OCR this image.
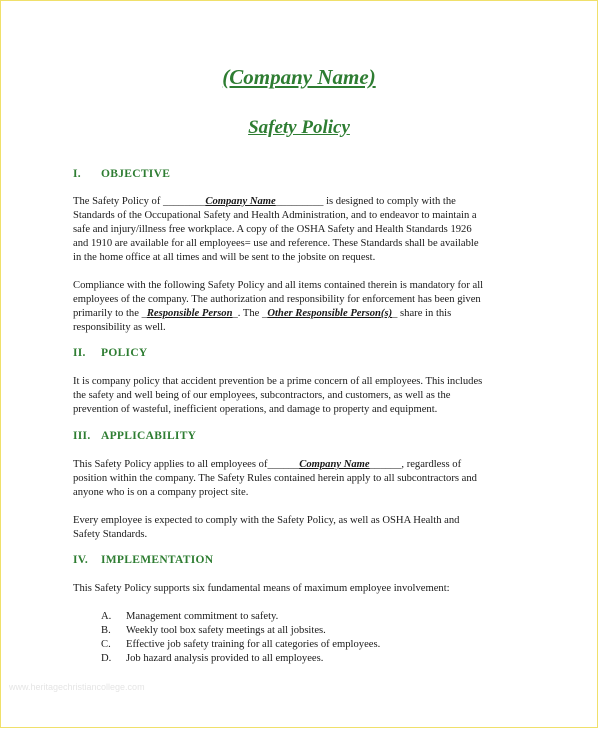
(Company Name)
Safety Policy
I. OBJECTIVE
The Safety Policy of ________Company Name_________ is designed to comply with the
Standards of the Occupational Safety and Health Administration, and to endeavor to maintain a
safe and injury/illness free workplace. A copy of the OSHA Safety and Health Standards 1926
and 1910 are available for all employees= use and reference. These Standards shall be available
in the home office at all times and will be sent to the jobsite on request.
Compliance with the following Safety Policy and all items contained therein is mandatory for all
employees of the company. The authorization and responsibility for enforcement has been given
primarily to the _Responsible Person_. The _Other Responsible Person(s)_ share in this
responsibility as well.
II. POLICY
It is company policy that accident prevention be a prime concern of all employees. This includes
the safety and well being of our employees, subcontractors, and customers, as well as the
prevention of wasteful, inefficient operations, and damage to property and equipment.
III. APPLICABILITY
This Safety Policy applies to all employees of______Company Name______, regardless of
position within the company. The Safety Rules contained herein apply to all subcontractors and
anyone who is on a company project site.
Every employee is expected to comply with the Safety Policy, as well as OSHA Health and
Safety Standards.
IV. IMPLEMENTATION
This Safety Policy supports six fundamental means of maximum employee involvement:
A.	Management commitment to safety.
B.	Weekly tool box safety meetings at all jobsites.
C.	Effective job safety training for all categories of employees.
D.	Job hazard analysis provided to all employees.
www.heritagechristiancollege.com
